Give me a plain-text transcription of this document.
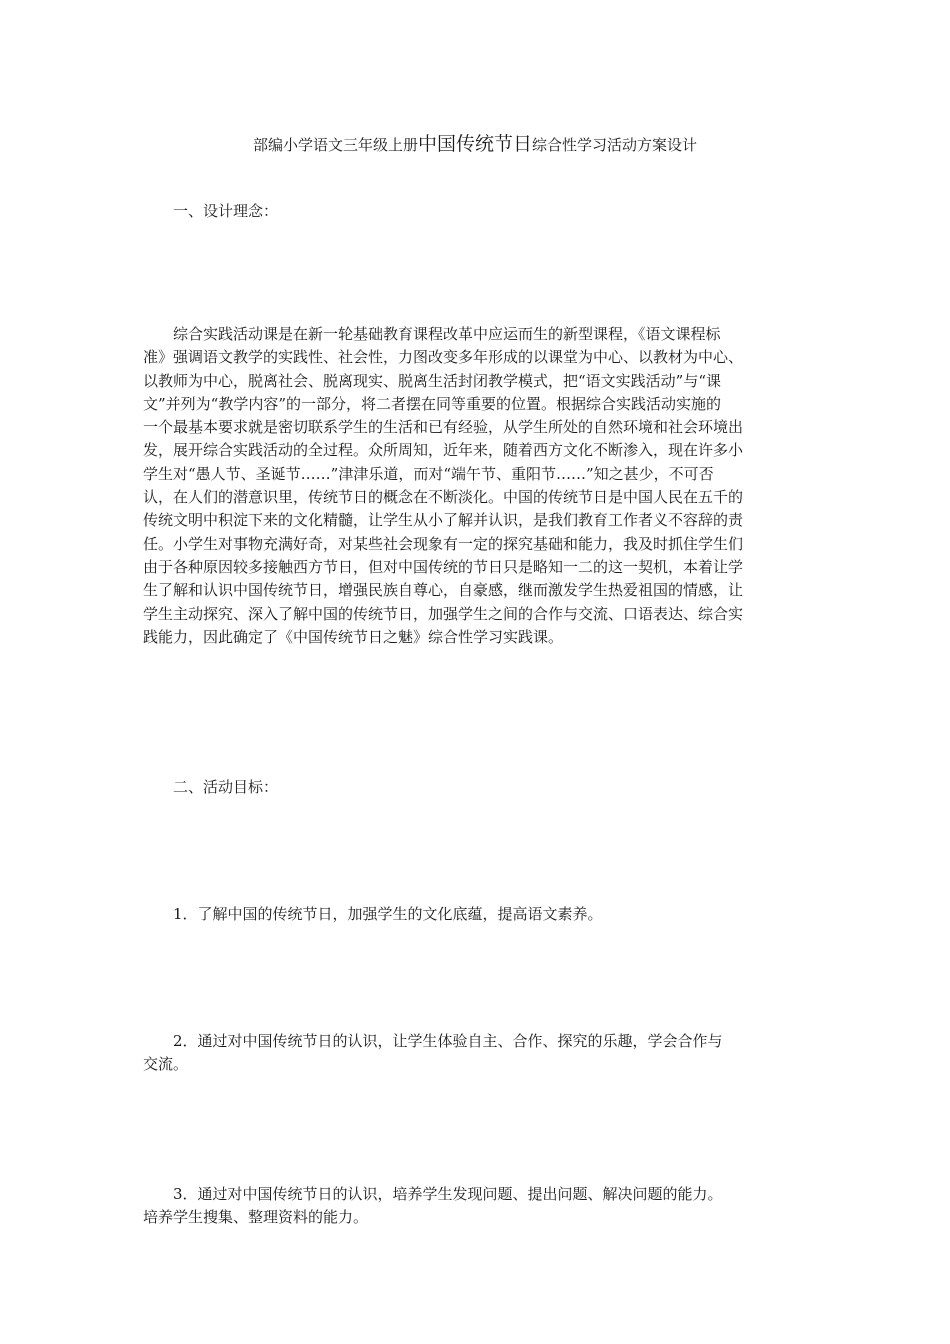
部编小学语文三年级上册中国传统节日综合性学习活动方案设计
一、设计理念：
综合实践活动课是在新一轮基础教育课程改革中应运而生的新型课程，《语文课程标
准》强调语文教学的实践性、社会性，力图改变多年形成的以课堂为中心、以教材为中心、
以教师为中心，脱离社会、脱离现实、脱离生活封闭教学模式，把“语文实践活动”与“课
文”并列为“教学内容”的一部分，将二者摆在同等重要的位置。根据综合实践活动实施的
一个最基本要求就是密切联系学生的生活和已有经验，从学生所处的自然环境和社会环境出
发，展开综合实践活动的全过程。众所周知，近年来，随着西方文化不断渗入，现在许多小
学生对“愚人节、圣诞节……”津津乐道，而对“端午节、重阳节……”知之甚少，不可否
认，在人们的潜意识里，传统节日的概念在不断淡化。中国的传统节日是中国人民在五千的
传统文明中积淀下来的文化精髓，让学生从小了解并认识，是我们教育工作者义不容辞的责
任。小学生对事物充满好奇，对某些社会现象有一定的探究基础和能力，我及时抓住学生们
由于各种原因较多接触西方节日，但对中国传统的节日只是略知一二的这一契机，本着让学
生了解和认识中国传统节日，增强民族自尊心，自豪感，继而激发学生热爱祖国的情感，让
学生主动探究、深入了解中国的传统节日，加强学生之间的合作与交流、口语表达、综合实
践能力，因此确定了《中国传统节日之魅》综合性学习实践课。
二、活动目标：
1．了解中国的传统节日，加强学生的文化底蕴，提高语文素养。
2．通过对中国传统节日的认识，让学生体验自主、合作、探究的乐趣，学会合作与
交流。
3．通过对中国传统节日的认识，培养学生发现问题、提出问题、解决问题的能力。
培养学生搜集、整理资料的能力。
